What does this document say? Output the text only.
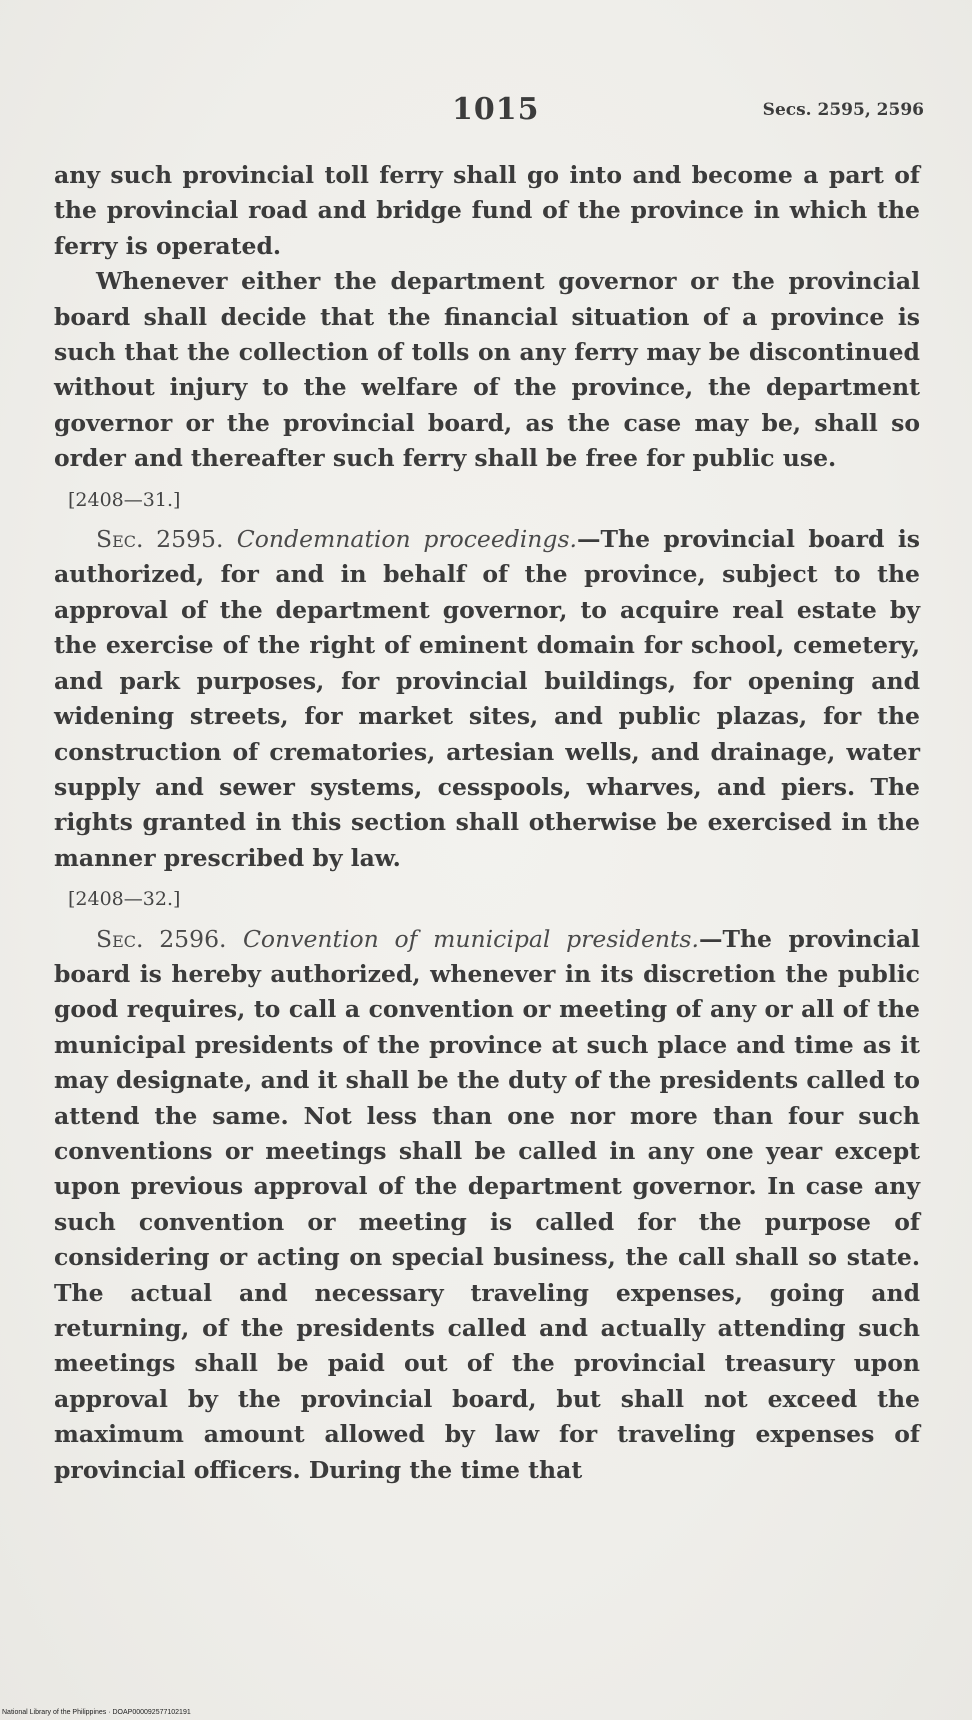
1015	Secs. 2595, 2596

any such provincial toll ferry shall go into and become a part of the provincial road and bridge fund of the province in which the ferry is operated.

Whenever either the department governor or the provincial board shall decide that the financial situation of a province is such that the collection of tolls on any ferry may be discontinued without injury to the welfare of the province, the department governor or the provincial board, as the case may be, shall so order and thereafter such ferry shall be free for public use.

[2408—31.]

Sec. 2595. Condemnation proceedings.—The provincial board is authorized, for and in behalf of the province, subject to the approval of the department governor, to acquire real estate by the exercise of the right of eminent domain for school, cemetery, and park purposes, for provincial buildings, for opening and widening streets, for market sites, and public plazas, for the construction of crematories, artesian wells, and drainage, water supply and sewer systems, cesspools, wharves, and piers. The rights granted in this section shall otherwise be exercised in the manner prescribed by law.

[2408—32.]

Sec. 2596. Convention of municipal presidents.—The provincial board is hereby authorized, whenever in its discretion the public good requires, to call a convention or meeting of any or all of the municipal presidents of the province at such place and time as it may designate, and it shall be the duty of the presidents called to attend the same. Not less than one nor more than four such conventions or meetings shall be called in any one year except upon previous approval of the department governor. In case any such convention or meeting is called for the purpose of considering or acting on special business, the call shall so state. The actual and necessary traveling expenses, going and returning, of the presidents called and actually attending such meetings shall be paid out of the provincial treasury upon approval by the provincial board, but shall not exceed the maximum amount allowed by law for traveling expenses of provincial officers. During the time that

National Library of the Philippines · DOAP000092577102191
